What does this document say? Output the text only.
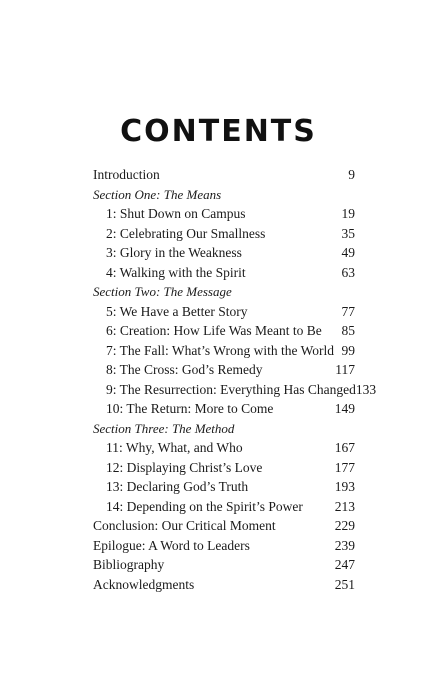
CONTENTS
Introduction	9
Section One: The Means
1: Shut Down on Campus	19
2: Celebrating Our Smallness	35
3: Glory in the Weakness	49
4: Walking with the Spirit	63
Section Two: The Message
5: We Have a Better Story	77
6: Creation: How Life Was Meant to Be 85
7: The Fall: What’s Wrong with the World 99
8: The Cross: God’s Remedy	117
9: The Resurrection: Everything Has Changed 133
10: The Return: More to Come	149
Section Three: The Method
11: Why, What, and Who	167
12: Displaying Christ’s Love	177
13: Declaring God’s Truth	193
14: Depending on the Spirit’s Power 213
Conclusion: Our Critical Moment	229
Epilogue: A Word to Leaders	239
Bibliography	247
Acknowledgments	251
